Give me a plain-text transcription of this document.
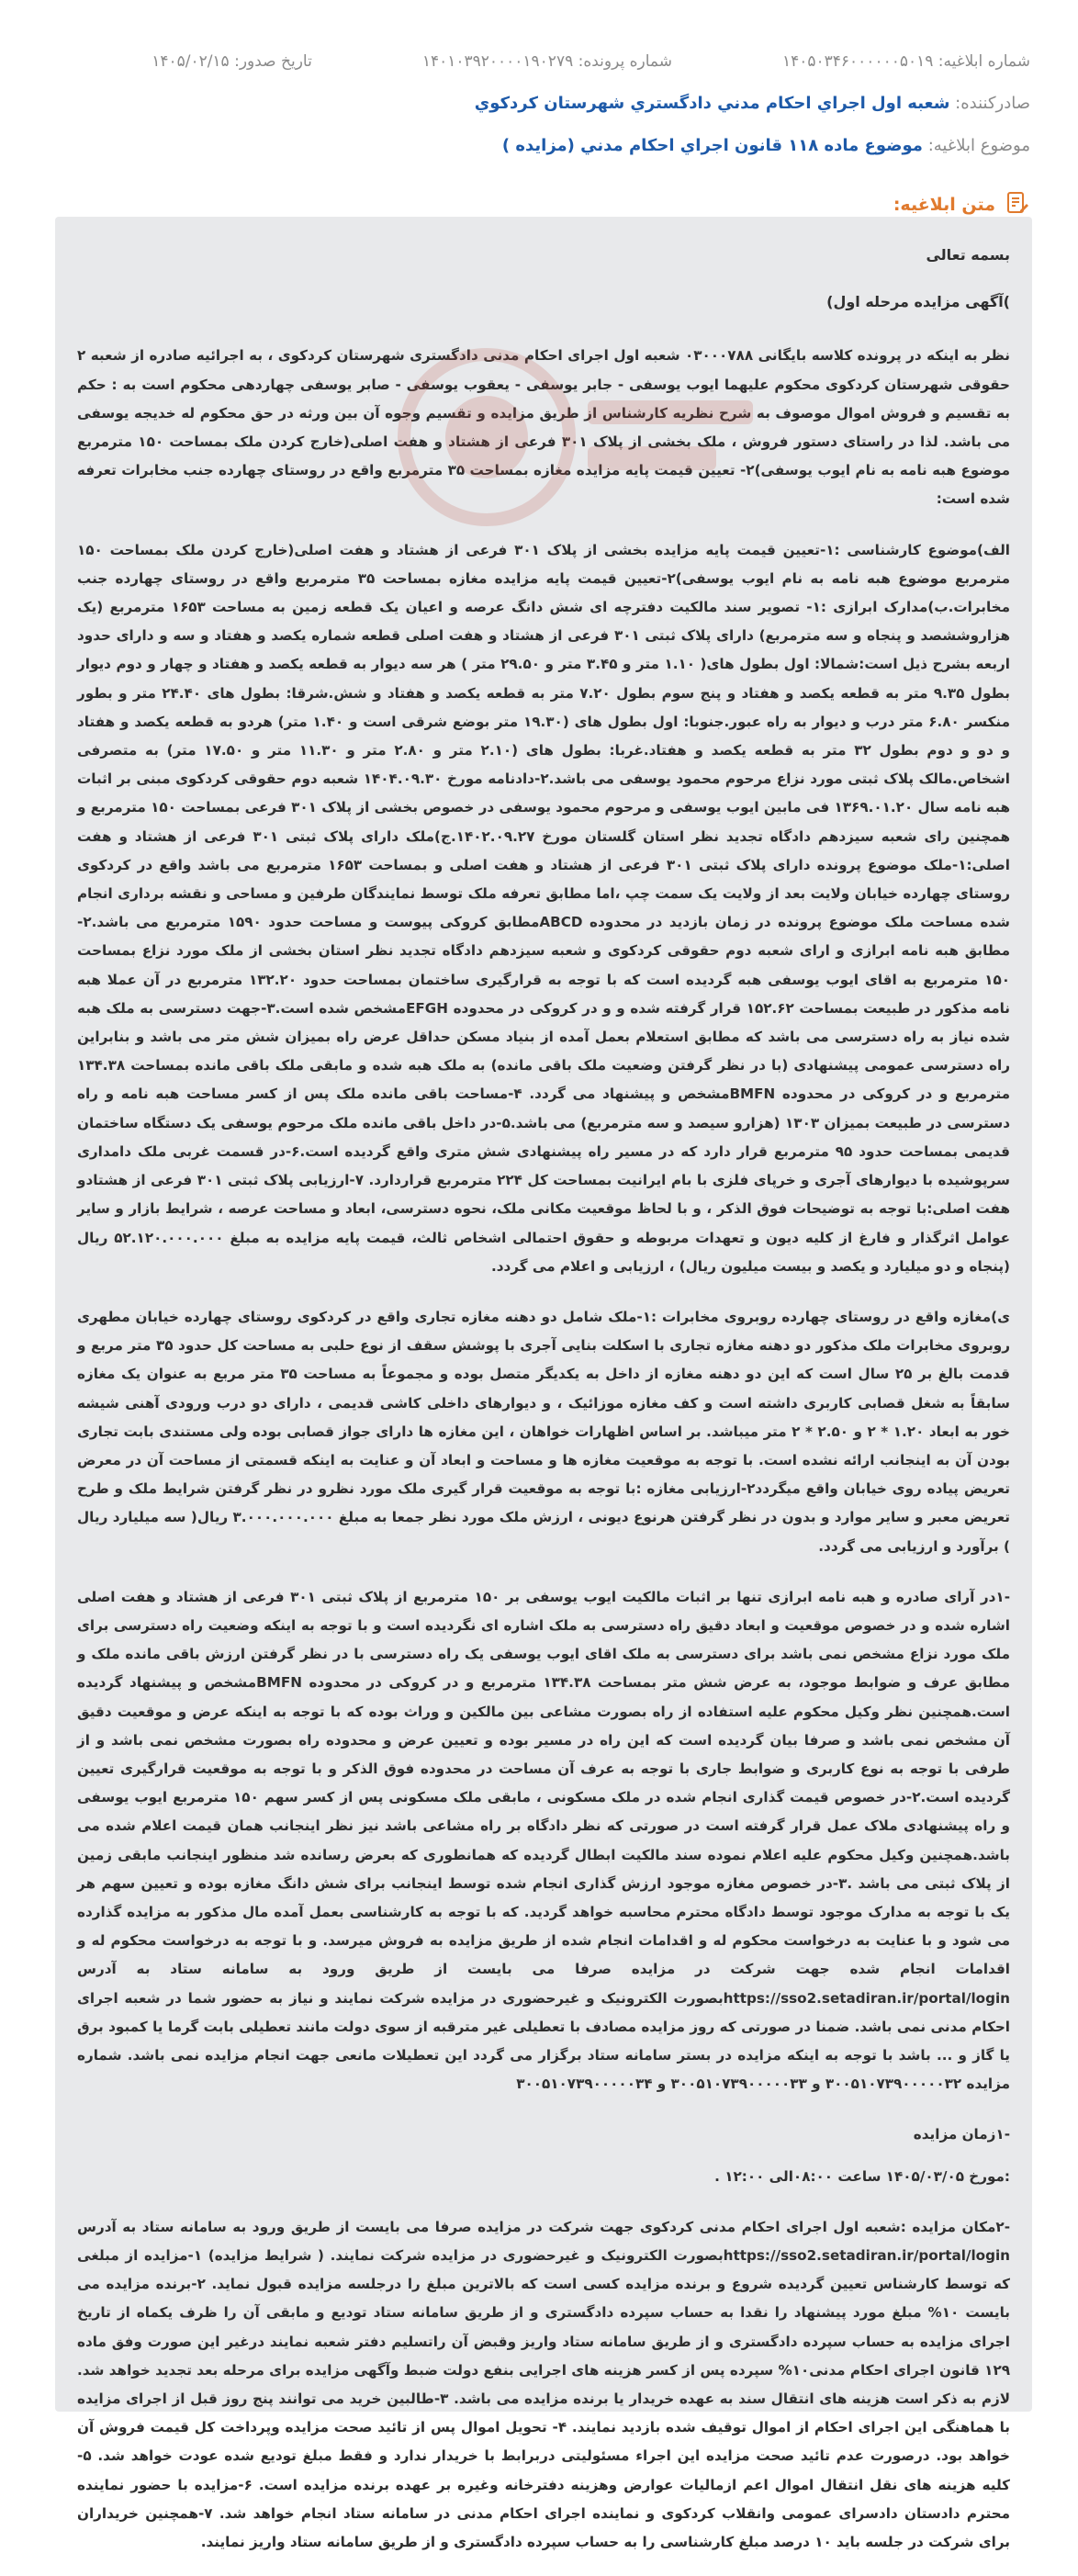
شماره ابلاغیه: ۱۴۰۵۰۳۴۶۰۰۰۰۰۰۵۰۱۹
شماره پرونده: ۱۴۰۱۰۳۹۲۰۰۰۰۱۹۰۲۷۹
تاریخ صدور: ۱۴۰۵/۰۲/۱۵
صادرکننده: شعبه اول اجراي احكام مدني دادگستري شهرستان كردكوي
موضوع ابلاغیه: موضوع ماده ۱۱۸ قانون اجراي احكام مدني (مزايده )
متن ابلاغیه:

بسمه تعالی

)آگهی مزایده مرحله اول)

نظر به اینکه در پرونده کلاسه بایگانی ۰۳۰۰۰۷۸۸ شعبه اول اجرای احکام مدنی دادگستری شهرستان کردکوی ، به اجرائیه صادره از شعبه ۲ حقوقی شهرستان کردکوی محکوم علیهما ایوب یوسفی - جابر یوسفی - یعقوب یوسفی - صابر یوسفی چهاردهی محکوم است به : حکم به تقسیم و فروش اموال موصوف به شرح نظریه کارشناس از طریق مزایده و تقسیم وجوه آن بین ورثه در حق محکوم له خدیجه یوسفی می باشد. لذا در راستای دستور فروش ، ملک بخشی از پلاک ۳۰۱ فرعی از هشتاد و هفت اصلی(خارج کردن ملک بمساحت ۱۵۰ مترمربع موضوع هبه نامه به نام ایوب یوسفی)۲- تعیین قیمت پایه مزایده مغازه بمساحت ۳۵ مترمربع واقع در روستای چهارده جنب مخابرات تعرفه شده است:

الف)موضوع کارشناسی :۱-تعیین قیمت پایه مزایده بخشی از پلاک ۳۰۱ فرعی از هشتاد و هفت اصلی(خارج کردن ملک بمساحت ۱۵۰ مترمربع موضوع هبه نامه به نام ایوب یوسفی)۲-تعیین قیمت پایه مزایده مغازه بمساحت ۳۵ مترمربع واقع در روستای چهارده جنب مخابرات.ب)مدارک ابرازی :۱- تصویر سند مالکیت دفترچه ای شش دانگ عرصه و اعیان یک قطعه زمین به مساحت ۱۶۵۳ مترمربع (یک هزاروششصد و پنجاه و سه مترمربع) دارای پلاک ثبتی ۳۰۱ فرعی از هشتاد و هفت اصلی قطعه شماره یکصد و هفتاد و سه و دارای حدود اربعه بشرح ذیل است:شمالا: اول بطول های( ۱.۱۰ متر و ۳.۴۵ متر و ۲۹.۵۰ متر ) هر سه دیوار به قطعه یکصد و هفتاد و چهار و دوم دیوار بطول ۹.۳۵ متر به قطعه یکصد و هفتاد و پنج سوم بطول ۷.۲۰ متر به قطعه یکصد و هفتاد و شش.شرقا: بطول های ۲۴.۴۰ متر و بطور منکسر ۶.۸۰ متر درب و دیوار به راه عبور.جنوبا: اول بطول های (۱۹.۳۰ متر بوضع شرقی است و ۱.۴۰ متر) هردو به قطعه یکصد و هفتاد و دو و دوم بطول ۳۲ متر به قطعه یکصد و هفتاد.غربا: بطول های (۲.۱۰ متر و ۲.۸۰ متر و ۱۱.۳۰ متر و ۱۷.۵۰ متر) به متصرفی اشخاص.مالک پلاک ثبتی مورد نزاع مرحوم محمود یوسفی می باشد.۲-دادنامه مورخ ۱۴۰۴.۰۹.۳۰ شعبه دوم حقوقی کردکوی مبنی بر اثبات هبه نامه سال ۱۳۶۹.۰۱.۲۰ فی مابین ایوب یوسفی و مرحوم محمود یوسفی در خصوص بخشی از پلاک ۳۰۱ فرعی بمساحت ۱۵۰ مترمربع و همچنین رای شعبه سیزدهم دادگاه تجدید نظر استان گلستان مورخ ۱۴۰۲.۰۹.۲۷.ج)ملک دارای پلاک ثبتی ۳۰۱ فرعی از هشتاد و هفت اصلی:۱-ملک موضوع پرونده دارای پلاک ثبتی ۳۰۱ فرعی از هشتاد و هفت اصلی و بمساحت ۱۶۵۳ مترمربع می باشد واقع در کردکوی روستای چهارده خیابان ولایت بعد از ولایت یک سمت چپ ،اما مطابق تعرفه ملک توسط نمایندگان طرفین و مساحی و نقشه برداری انجام شده مساحت ملک موضوع پرونده در زمان بازدید در محدوده ABCDمطابق کروکی پیوست و مساحت حدود ۱۵۹۰ مترمربع می باشد.۲-مطابق هبه نامه ابرازی و ارای شعبه دوم حقوقی کردکوی و شعبه سیزدهم دادگاه تجدید نظر استان بخشی از ملک مورد نزاع بمساحت ۱۵۰ مترمربع به اقای ایوب یوسفی هبه گردیده است که با توجه به قرارگیری ساختمان بمساحت حدود ۱۳۲.۲۰ مترمربع در آن عملا هبه نامه مذکور در طبیعت بمساحت ۱۵۲.۶۲ قرار گرفته شده و و در کروکی در محدوده EFGHمشخص شده است.۳-جهت دسترسی به ملک هبه شده نیاز به راه دسترسی می باشد که مطابق استعلام بعمل آمده از بنیاد مسکن حداقل عرض راه بمیزان شش متر می باشد و بنابراین راه دسترسی عمومی پیشنهادی (با در نظر گرفتن وضعیت ملک باقی مانده) به ملک هبه شده و مابقی ملک باقی مانده بمساحت ۱۳۴.۳۸ مترمربع و در کروکی در محدوده BMFNمشخص و پیشنهاد می گردد. ۴-مساحت باقی مانده ملک پس از کسر مساحت هبه نامه و راه دسترسی در طبیعت بمیزان ۱۳۰۳ (هزارو سیصد و سه مترمربع) می باشد.۵-در داخل باقی مانده ملک مرحوم یوسفی یک دستگاه ساختمان قدیمی بمساحت حدود ۹۵ مترمربع قرار دارد که در مسیر راه پیشنهادی شش متری واقع گردیده است.۶-در قسمت غربی ملک دامداری سرپوشیده با دیوارهای آجری و خرپای فلزی با بام ایرانیت بمساحت کل ۲۲۴ مترمربع قراردارد. ۷-ارزیابی پلاک ثبتی ۳۰۱ فرعی از هشتادو هفت اصلی:با توجه به توضیحات فوق الذکر ، و با لحاظ موقعیت مکانی ملک، نحوه دسترسی، ابعاد و مساحت عرصه ، شرایط بازار و سایر عوامل اثرگذار و فارغ از کلیه دیون و تعهدات مربوطه و حقوق احتمالی اشخاص ثالث، قیمت پایه مزایده به مبلغ ۵۲.۱۲۰.۰۰۰.۰۰۰ ریال (پنجاه و دو میلیارد و یکصد و بیست میلیون ریال) ، ارزیابی و اعلام می گردد.

ی)مغازه واقع در روستای چهارده روبروی مخابرات :۱-ملک شامل دو دهنه مغازه تجاری واقع در کردکوی روستای چهارده خیابان مطهری روبروی مخابرات ملک مذکور دو دهنه مغازه تجاری با اسکلت بنایی آجری با پوشش سقف از نوع حلبی به مساحت کل حدود ۳۵ متر مربع و قدمت بالغ بر ۲۵ سال است که این دو دهنه مغازه از داخل به یکدیگر متصل بوده و مجموعاً به مساحت ۳۵ متر مربع به عنوان یک مغازه سابقاً به شغل قصابی کاربری داشته است و کف مغازه موزائیک ، و دیوارهای داخلی کاشی قدیمی ، دارای دو درب ورودی آهنی شیشه خور به ابعاد ۱.۲۰ * ۲ و ۲.۵۰ * ۲ متر میباشد. بر اساس اظهارات خواهان ، این مغازه ها دارای جواز قصابی بوده ولی مستندی بابت تجاری بودن آن به اینجانب ارائه نشده است. با توجه به موقعیت مغازه ها و مساحت و ابعاد آن و عنایت به اینکه قسمتی از مساحت آن در معرض تعریض پیاده روی خیابان واقع میگردد۲-ارزیابی مغازه :با توجه به موقعیت قرار گیری ملک مورد نظرو در نظر گرفتن شرایط ملک و طرح تعریض معبر و سایر موارد و بدون در نظر گرفتن هرنوع دیونی ، ارزش ملک مورد نظر جمعا به مبلغ ۳.۰۰۰.۰۰۰.۰۰۰ ریال( سه میلیارد ریال ) برآورد و ارزیابی می گردد.

-۱در آرای صادره و هبه نامه ابرازی تنها بر اثبات مالکیت ایوب یوسفی بر ۱۵۰ مترمربع از پلاک ثبتی ۳۰۱ فرعی از هشتاد و هفت اصلی اشاره شده و در خصوص موقعیت و ابعاد دقیق راه دسترسی به ملک اشاره ای نگردیده است و با توجه به اینکه وضعیت راه دسترسی برای ملک مورد نزاع مشخص نمی باشد برای دسترسی به ملک اقای ایوب یوسفی یک راه دسترسی با در نظر گرفتن ارزش باقی مانده ملک و مطابق عرف و ضوابط موجود، به عرض شش متر بمساحت ۱۳۴.۳۸ مترمربع و در کروکی در محدوده BMFNمشخص و پیشنهاد گردیده است.همچنین نظر وکیل محکوم علیه استفاده از راه بصورت مشاعی بین مالکین و وراث بوده که با توجه به اینکه عرض و موقعیت دقیق آن مشخص نمی باشد و صرفا بیان گردیده است که این راه در مسیر بوده و تعیین عرض و محدوده راه بصورت مشخص نمی باشد و از طرفی با توجه به نوع کاربری و ضوابط جاری با توجه به عرف آن مساحت در محدوده فوق الذکر و با توجه به موقعیت قرارگیری تعیین گردیده است.۲-در خصوص قیمت گذاری انجام شده در ملک مسکونی ، مابقی ملک مسکونی پس از کسر سهم ۱۵۰ مترمربع ایوب یوسفی و راه پیشنهادی ملاک عمل قرار گرفته است در صورتی که نظر دادگاه بر راه مشاعی باشد نیز نظر اینجانب همان قیمت اعلام شده می باشد.همچنین وکیل محکوم علیه اعلام نموده سند مالکیت ابطال گردیده که همانطوری که بعرض رسانده شد منظور اینجانب مابقی زمین از پلاک ثبتی می باشد .۳-در خصوص مغازه موجود ارزش گذاری انجام شده توسط اینجانب برای شش دانگ مغازه بوده و تعیین سهم هر یک با توجه به مدارک موجود توسط دادگاه محترم محاسبه خواهد گردید. که با توجه به کارشناسی بعمل آمده مال مذکور به مزایده گذارده می شود و با عنایت به درخواست محکوم له و اقدامات انجام شده از طریق مزایده به فروش میرسد. و با توجه به درخواست محکوم له و اقدامات انجام شده جهت شرکت در مزایده صرفا می بایست از طریق ورود به سامانه ستاد به آدرس https://sso2.setadiran.ir/portal/loginبصورت الکترونیک و غیرحضوری در مزایده شرکت نمایند و نیاز به حضور شما در شعبه اجرای احکام مدنی نمی باشد. ضمنا در صورتی که روز مزایده مصادف با تعطیلی غیر مترقبه از سوی دولت مانند تعطیلی بابت گرما یا کمبود برق یا گاز و ... باشد با توجه به اینکه مزایده در بستر سامانه ستاد برگزار می گردد این تعطیلات مانعی جهت انجام مزایده نمی باشد. شماره مزایده ۳۰۰۵۱۰۷۳۹۰۰۰۰۰۳۲ و ۳۰۰۵۱۰۷۳۹۰۰۰۰۰۳۳ و ۳۰۰۵۱۰۷۳۹۰۰۰۰۰۳۴

-۱زمان مزایده

:مورخ ۱۴۰۵/۰۳/۰۵ ساعت ۰۸:۰۰الی ۱۲:۰۰ .

-۲مکان مزایده :شعبه اول اجرای احکام مدنی کردکوی جهت شرکت در مزایده صرفا می بایست از طریق ورود به سامانه ستاد به آدرس https://sso2.setadiran.ir/portal/loginبصورت الکترونیک و غیرحضوری در مزایده شرکت نمایند. ( شرایط مزایده) ۱-مزایده از مبلغی که توسط کارشناس تعیین گردیده شروع و برنده مزایده کسی است که بالاترین مبلغ را درجلسه مزایده قبول نماید. ۲-برنده مزایده می بایست ۱۰% مبلغ مورد پیشنهاد را نقدا به حساب سپرده دادگستری و از طریق سامانه ستاد تودیع و مابقی آن را ظرف یکماه از تاریخ اجرای مزایده به حساب سپرده دادگستری و از طریق سامانه ستاد واریز وقبض آن راتسلیم دفتر شعبه نمایند درغیر این صورت وفق ماده ۱۲۹ قانون اجرای احکام مدنی۱۰% سپرده پس از کسر هزینه های اجرایی بنفع دولت ضبط وآگهی مزایده برای مرحله بعد تجدید خواهد شد. لازم به ذکر است هزینه های انتقال سند به عهده خریدار یا برنده مزایده می باشد. ۳-طالبین خرید می توانند پنج روز قبل از اجرای مزایده با هماهنگی این اجرای احکام از اموال توقیف شده بازدید نمایند. ۴- تحویل اموال پس از تائید صحت مزایده وپرداخت کل قیمت فروش آن خواهد بود. درصورت عدم تائید صحت مزایده این اجراء مسئولیتی دربرابط با خریدار ندارد و فقط مبلغ تودیع شده عودت خواهد شد. ۵- کلیه هزینه های نقل انتقال اموال اعم ازمالیات عوارض وهزینه دفترخانه وغیره بر عهده برنده مزایده است. ۶-مزایده با حضور نماینده محترم دادستان دادسرای عمومی وانقلاب کردکوی و نماینده اجرای احکام مدنی در سامانه ستاد انجام خواهد شد. ۷-همچنین خریداران برای شرکت در جلسه باید ۱۰ درصد مبلغ کارشناسی را به حساب سپرده دادگستری و از طریق سامانه ستاد واریز نمایند.
